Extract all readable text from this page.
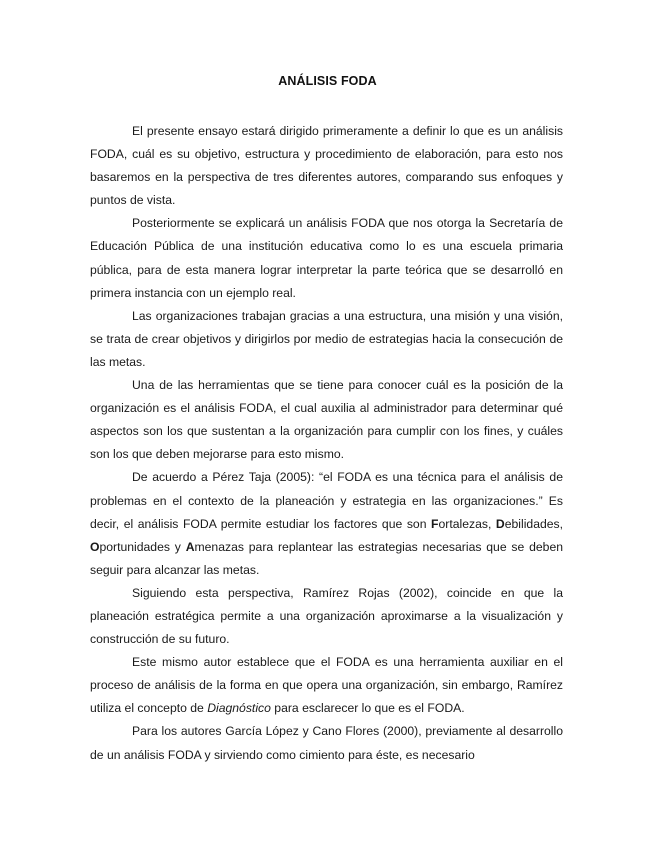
ANÁLISIS FODA

El presente ensayo estará dirigido primeramente a definir lo que es un análisis FODA, cuál es su objetivo, estructura y procedimiento de elaboración, para esto nos basaremos en la perspectiva de tres diferentes autores, comparando sus enfoques y puntos de vista.

Posteriormente se explicará un análisis FODA que nos otorga la Secretaría de Educación Pública de una institución educativa como lo es una escuela primaria pública, para de esta manera lograr interpretar la parte teórica que se desarrolló en primera instancia con un ejemplo real.

Las organizaciones trabajan gracias a una estructura, una misión y una visión, se trata de crear objetivos y dirigirlos por medio de estrategias hacia la consecución de las metas.

Una de las herramientas que se tiene para conocer cuál es la posición de la organización es el análisis FODA, el cual auxilia al administrador para determinar qué aspectos son los que sustentan a la organización para cumplir con los fines, y cuáles son los que deben mejorarse para esto mismo.

De acuerdo a Pérez Taja (2005): “el FODA es una técnica para el análisis de problemas en el contexto de la planeación y estrategia en las organizaciones.” Es decir, el análisis FODA permite estudiar los factores que son Fortalezas, Debilidades, Oportunidades y Amenazas para replantear las estrategias necesarias que se deben seguir para alcanzar las metas.

Siguiendo esta perspectiva, Ramírez Rojas (2002), coincide en que la planeación estratégica permite a una organización aproximarse a la visualización y construcción de su futuro.

Este mismo autor establece que el FODA es una herramienta auxiliar en el proceso de análisis de la forma en que opera una organización, sin embargo, Ramírez utiliza el concepto de Diagnóstico para esclarecer lo que es el FODA.

Para los autores García López y Cano Flores (2000), previamente al desarrollo de un análisis FODA y sirviendo como cimiento para éste, es necesario
